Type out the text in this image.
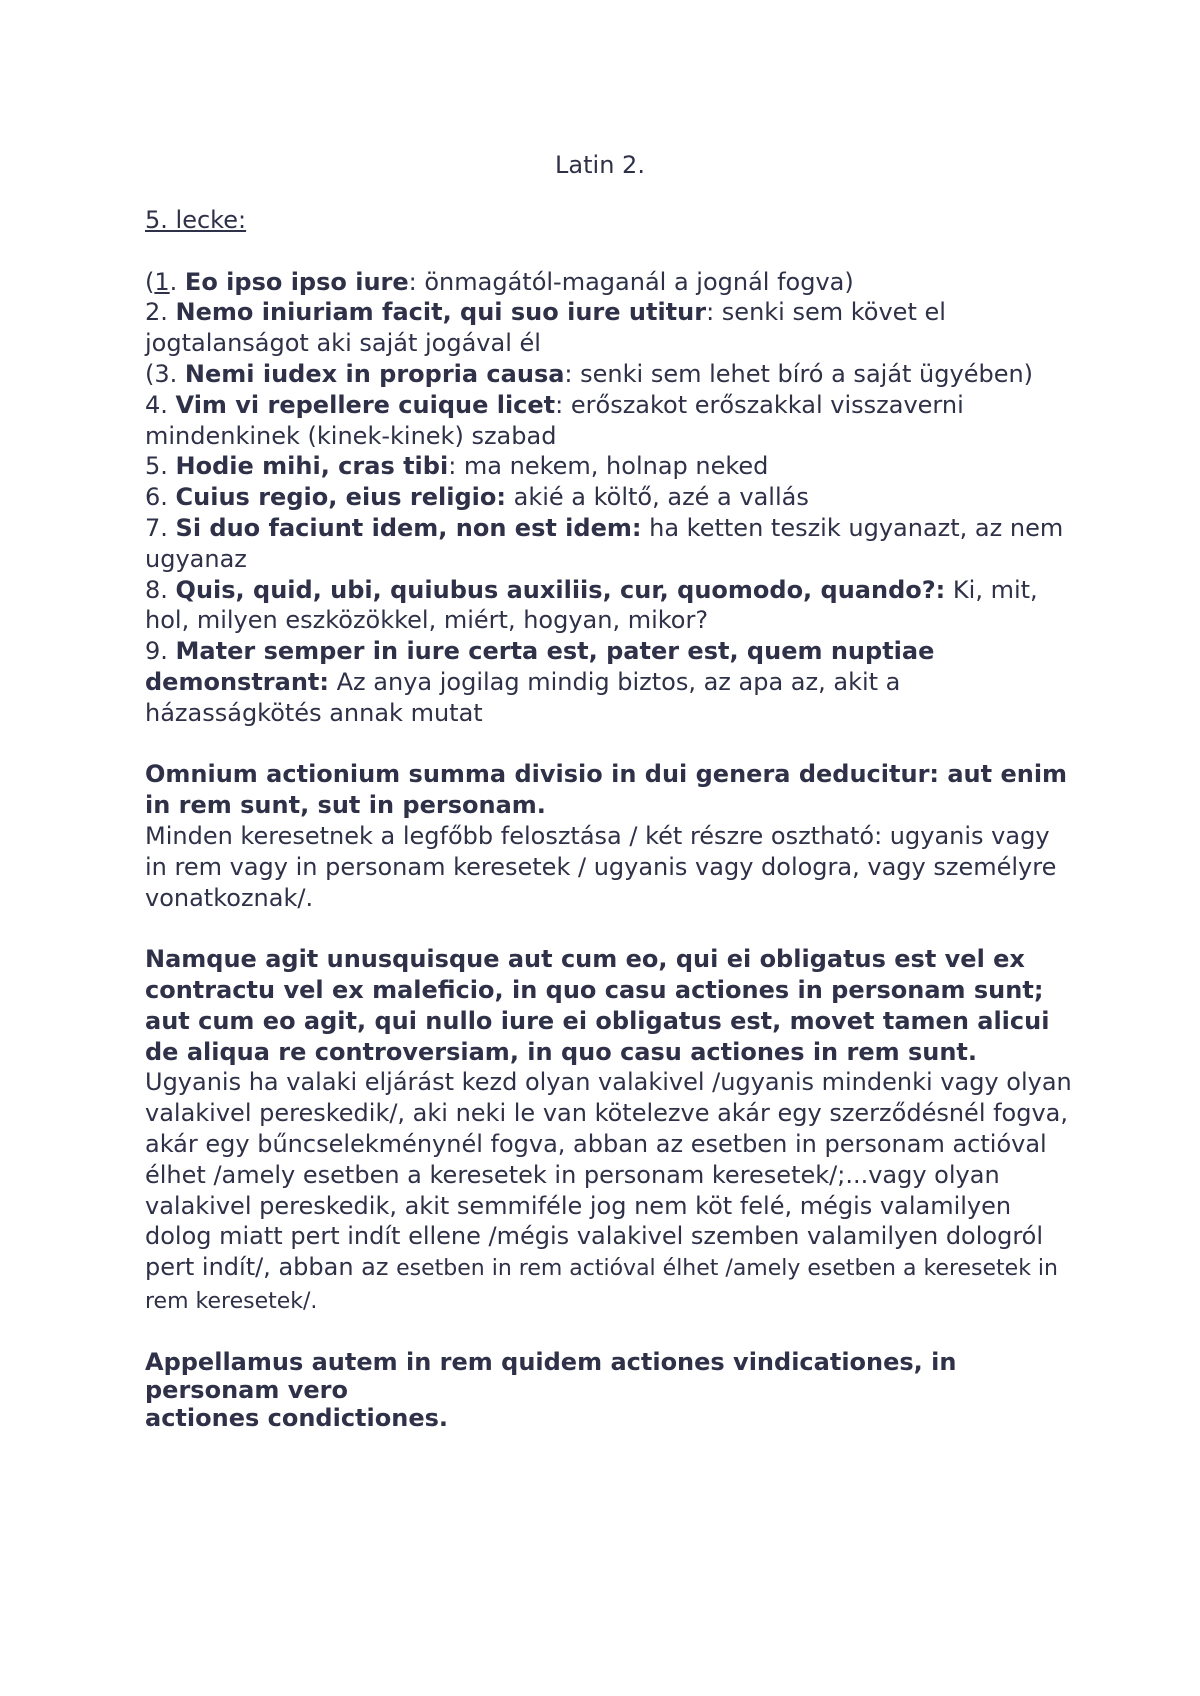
Latin 2.

5. lecke:

(1. Eo ipso ipso iure: önmagától-maganál a jognál fogva)

2. Nemo iniuriam facit, qui suo iure utitur: senki sem követ el jogtalanságot aki saját jogával él

(3. Nemi iudex in propria causa: senki sem lehet bíró a saját ügyében)

4. Vim vi repellere cuique licet: erőszakot erőszakkal visszaverni mindenkinek (kinek-kinek) szabad

5. Hodie mihi, cras tibi: ma nekem, holnap neked

6. Cuius regio, eius religio: akié a költő, azé a vallás

7. Si duo faciunt idem, non est idem: ha ketten teszik ugyanazt, az nem ugyanaz

8. Quis, quid, ubi, quiubus auxiliis, cur, quomodo, quando?: Ki, mit, hol, milyen eszközökkel, miért, hogyan, mikor?

9. Mater semper in iure certa est, pater est, quem nuptiae demonstrant: Az anya jogilag mindig biztos, az apa az, akit a házasságkötés annak mutat

Omnium actionium summa divisio in dui genera deducitur: aut enim in rem sunt, sut in personam.

Minden keresetnek a legfőbb felosztása / két részre osztható: ugyanis vagy in rem vagy in personam keresetek / ugyanis vagy dologra, vagy személyre vonatkoznak/.

Namque agit unusquisque aut cum eo, qui ei obligatus est vel ex contractu vel ex maleficio, in quo casu actiones in personam sunt; aut cum eo agit, qui nullo iure ei obligatus est, movet tamen alicui de aliqua re controversiam, in quo casu actiones in rem sunt.

Ugyanis ha valaki eljárást kezd olyan valakivel /ugyanis mindenki vagy olyan valakivel pereskedik/, aki neki le van kötelezve akár egy szerződésnél fogva, akár egy bűncselekménynél fogva, abban az esetben in personam actióval élhet /amely esetben a keresetek in personam keresetek/;...vagy olyan valakivel pereskedik, akit semmiféle jog nem köt felé, mégis valamilyen dolog miatt pert indít ellene /mégis valakivel szemben valamilyen dologról pert indít/, abban az esetben in rem actióval élhet /amely esetben a keresetek in rem keresetek/.

Appellamus autem in rem quidem actiones vindicationes, in personam vero
actiones condictiones.
